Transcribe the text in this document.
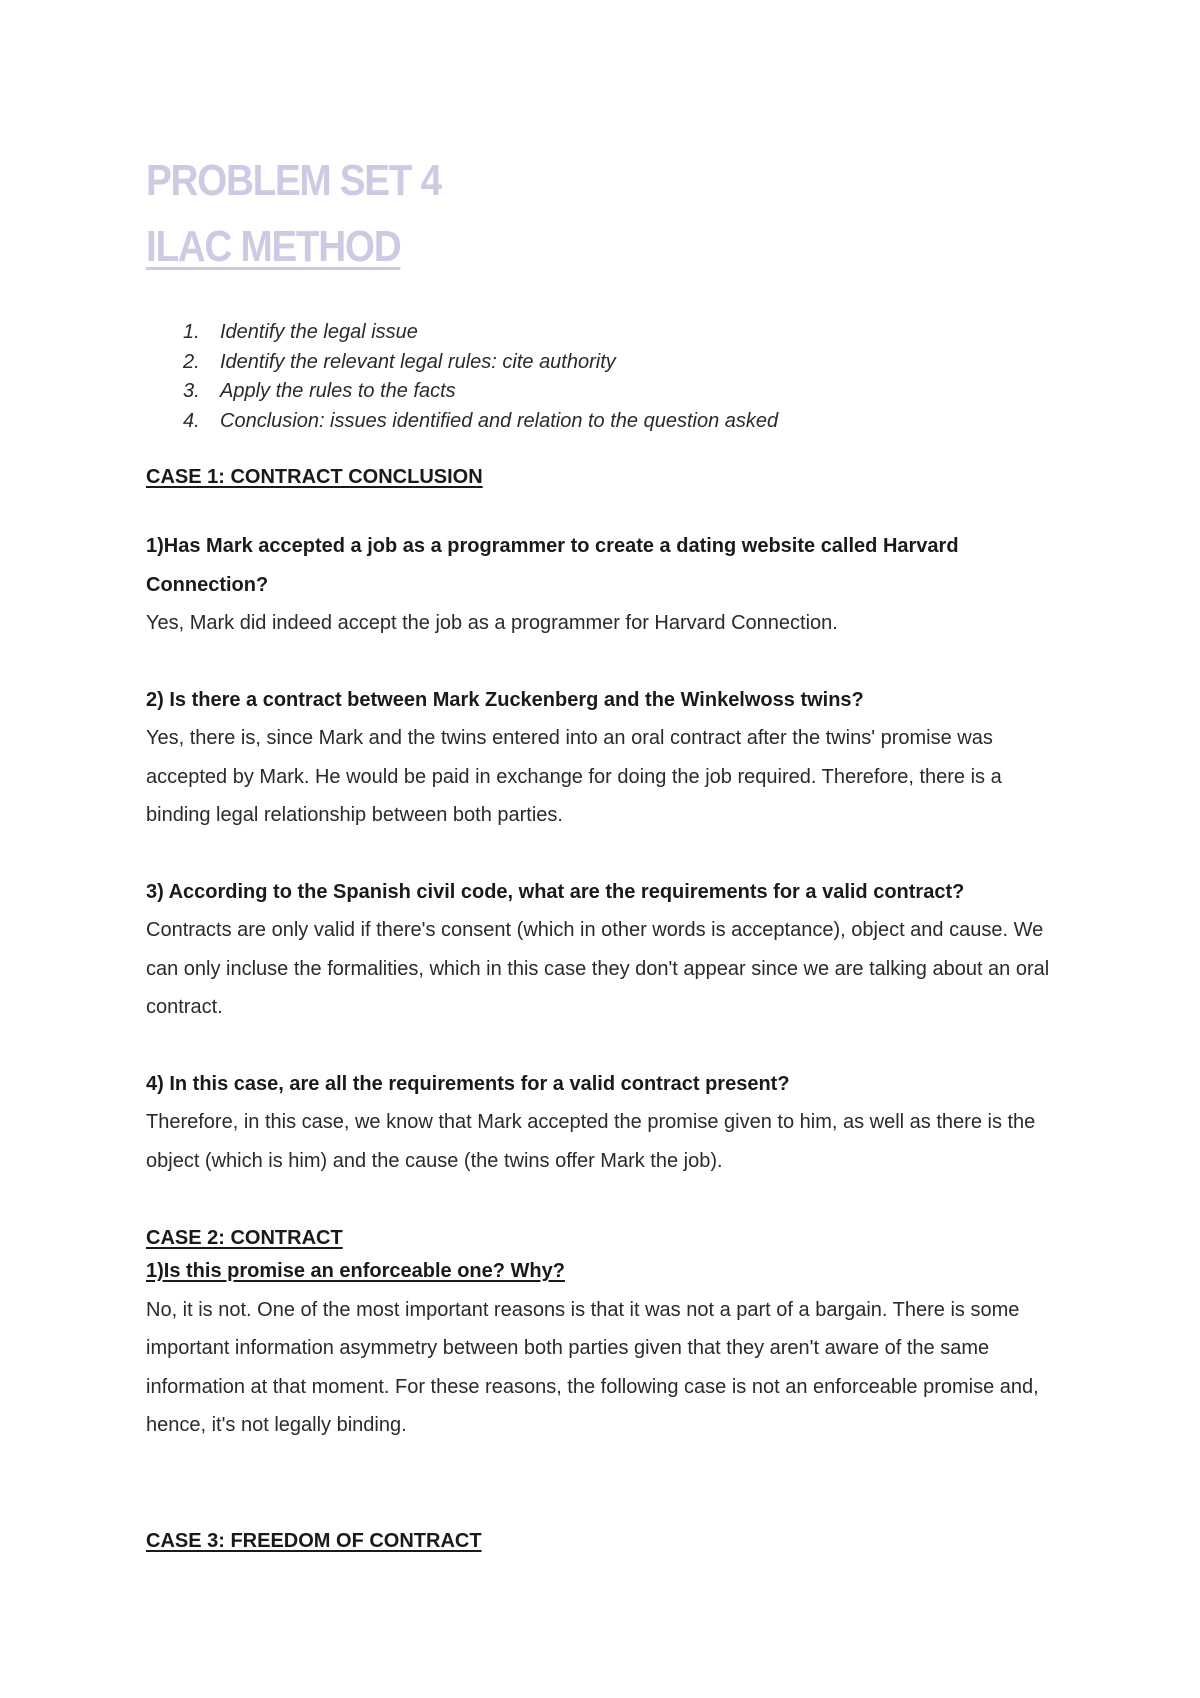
PROBLEM SET 4
ILAC METHOD
1. Identify the legal issue
2. Identify the relevant legal rules: cite authority
3. Apply the rules to the facts
4. Conclusion: issues identified and relation to the question asked
CASE 1: CONTRACT CONCLUSION
1)Has Mark accepted a job as a programmer to create a dating website called Harvard Connection?
Yes, Mark did indeed accept the job as a programmer for Harvard Connection.
2) Is there a contract between Mark Zuckenberg and the Winkelwoss twins?
Yes, there is, since Mark and the twins entered into an oral contract after the twins' promise was accepted by Mark. He would be paid in exchange for doing the job required. Therefore, there is a binding legal relationship between both parties.
3) According to the Spanish civil code, what are the requirements for a valid contract?
Contracts are only valid if there's consent (which in other words is acceptance), object and cause. We can only incluse the formalities, which in this case they don't appear since we are talking about an oral contract.
4) In this case, are all the requirements for a valid contract present?
Therefore, in this case, we know that Mark accepted the promise given to him, as well as there is the object (which is him) and the cause (the twins offer Mark the job).
CASE 2: CONTRACT
1)Is this promise an enforceable one? Why?
No, it is not. One of the most important reasons is that it was not a part of a bargain. There is some important information asymmetry between both parties given that they aren't aware of the same information at that moment. For these reasons, the following case is not an enforceable promise and, hence, it's not legally binding.
CASE 3: FREEDOM OF CONTRACT
